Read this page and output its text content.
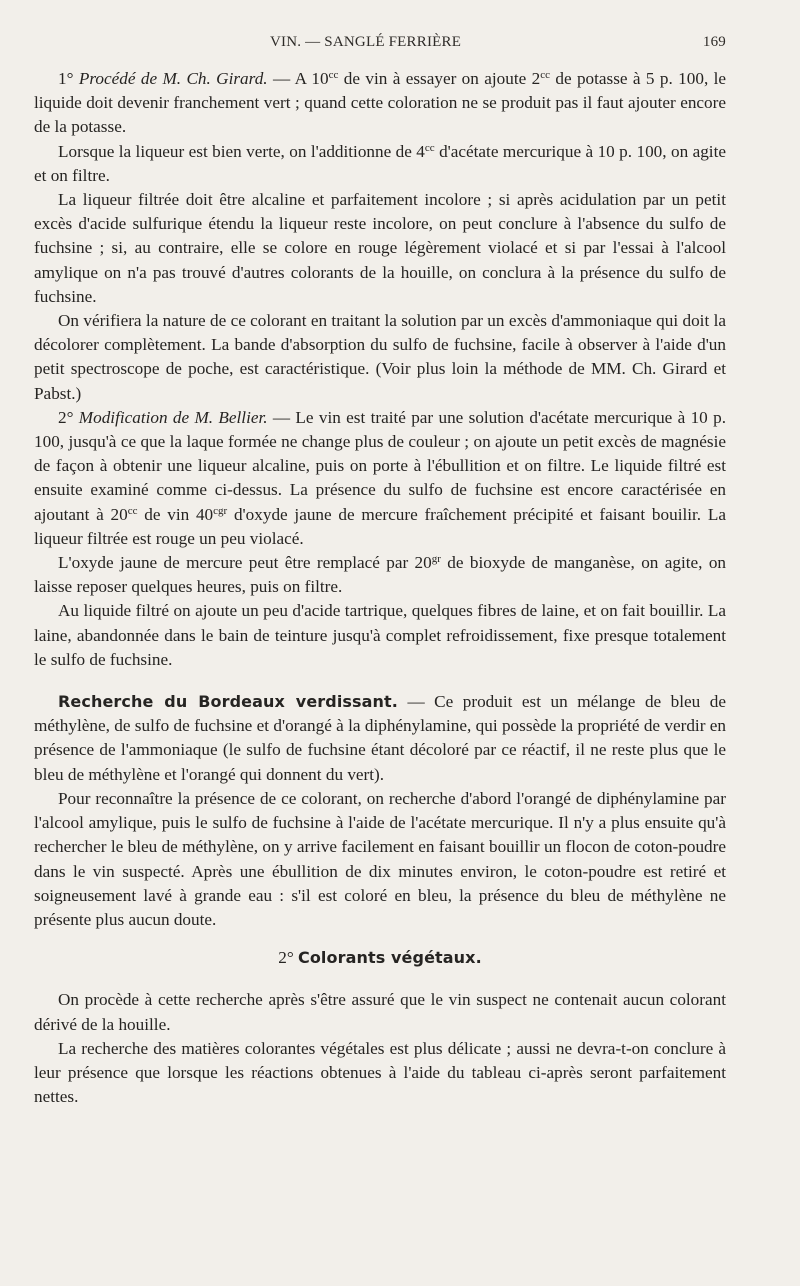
VIN. — SANGLÉ FERRIÈRE	169

1° Procédé de M. Ch. Girard. — A $10^{cc}$ de vin à essayer on ajoute $2^{cc}$ de potasse à 5 p. 100, le liquide doit devenir franchement vert ; quand cette coloration ne se produit pas il faut ajouter encore de la potasse.

Lorsque la liqueur est bien verte, on l'additionne de $4^{cc}$ d'acétate mercurique à 10 p. 100, on agite et on filtre.

La liqueur filtrée doit être alcaline et parfaitement incolore ; si après acidulation par un petit excès d'acide sulfurique étendu la liqueur reste incolore, on peut conclure à l'absence du sulfo de fuchsine ; si, au contraire, elle se colore en rouge légèrement violacé et si par l'essai à l'alcool amylique on n'a pas trouvé d'autres colorants de la houille, on conclura à la présence du sulfo de fuchsine.

On vérifiera la nature de ce colorant en traitant la solution par un excès d'ammoniaque qui doit la décolorer complètement. La bande d'absorption du sulfo de fuchsine, facile à observer à l'aide d'un petit spectroscope de poche, est caractéristique. (Voir plus loin la méthode de MM. Ch. Girard et Pabst.)

2° Modification de M. Bellier. — Le vin est traité par une solution d'acétate mercurique à 10 p. 100, jusqu'à ce que la laque formée ne change plus de couleur ; on ajoute un petit excès de magnésie de façon à obtenir une liqueur alcaline, puis on porte à l'ébullition et on filtre. Le liquide filtré est ensuite examiné comme ci-dessus. La présence du sulfo de fuchsine est encore caractérisée en ajoutant à $20^{cc}$ de vin $40^{cgr}$ d'oxyde jaune de mercure fraîchement précipité et faisant bouilir. La liqueur filtrée est rouge un peu violacé.

L'oxyde jaune de mercure peut être remplacé par $20^{gr}$ de bioxyde de manganèse, on agite, on laisse reposer quelques heures, puis on filtre.

Au liquide filtré on ajoute un peu d'acide tartrique, quelques fibres de laine, et on fait bouillir. La laine, abandonnée dans le bain de teinture jusqu'à complet refroidissement, fixe presque totalement le sulfo de fuchsine.

Recherche du Bordeaux verdissant. — Ce produit est un mélange de bleu de méthylène, de sulfo de fuchsine et d'orangé à la diphénylamine, qui possède la propriété de verdir en présence de l'ammoniaque (le sulfo de fuchsine étant décoloré par ce réactif, il ne reste plus que le bleu de méthylène et l'orangé qui donnent du vert).

Pour reconnaître la présence de ce colorant, on recherche d'abord l'orangé de diphénylamine par l'alcool amylique, puis le sulfo de fuchsine à l'aide de l'acétate mercurique. Il n'y a plus ensuite qu'à rechercher le bleu de méthylène, on y arrive facilement en faisant bouillir un flocon de coton-poudre dans le vin suspecté. Après une ébullition de dix minutes environ, le coton-poudre est retiré et soigneusement lavé à grande eau : s'il est coloré en bleu, la présence du bleu de méthylène ne présente plus aucun doute.

2° Colorants végétaux.

On procède à cette recherche après s'être assuré que le vin suspect ne contenait aucun colorant dérivé de la houille.

La recherche des matières colorantes végétales est plus délicate ; aussi ne devra-t-on conclure à leur présence que lorsque les réactions obtenues à l'aide du tableau ci-après seront parfaitement nettes.
